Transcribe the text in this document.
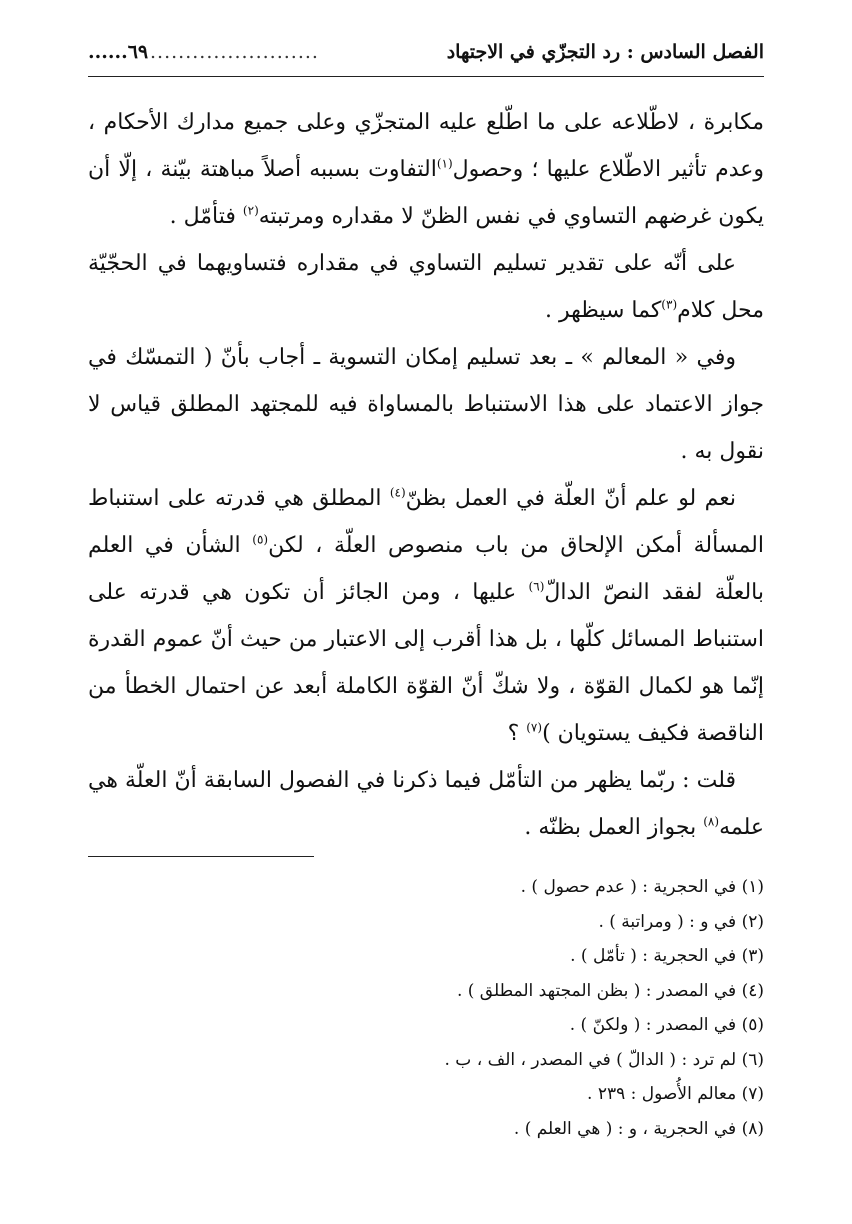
الفصل السادس : رد التجزّي في الاجتهاد
........................
٦٩......

مكابرة ، لاطّلاعه على ما اطّلع عليه المتجزّي وعلى جميع مدارك الأحكام ، وعدم تأثير الاطّلاع عليها ؛ وحصول$^{(١)}$التفاوت بسببه أصلاً مباهتة بيّنة ، إلّا أن يكون غرضهم التساوي في نفس الظنّ لا مقداره ومرتبته$^{(٢)}$ فتأمّل .

على أنّه على تقدير تسليم التساوي في مقداره فتساويهما في الحجّيّة محل كلام$^{(٣)}$كما سيظهر .

وفي « المعالم » ـ بعد تسليم إمكان التسوية ـ أجاب بأنّ ( التمسّك في جواز الاعتماد على هذا الاستنباط بالمساواة فيه للمجتهد المطلق قياس لا نقول به .

نعم لو علم أنّ العلّة في العمل بظنّ$^{(٤)}$ المطلق هي قدرته على استنباط المسألة أمكن الإلحاق من باب منصوص العلّة ، لكن$^{(٥)}$ الشأن في العلم بالعلّة لفقد النصّ الدالّ$^{(٦)}$ عليها ، ومن الجائز أن تكون هي قدرته على استنباط المسائل كلّها ، بل هذا أقرب إلى الاعتبار من حيث أنّ عموم القدرة إنّما هو لكمال القوّة ، ولا شكّ أنّ القوّة الكاملة أبعد عن احتمال الخطأ من الناقصة فكيف يستويان )$^{(٧)}$ ؟

قلت : ربّما يظهر من التأمّل فيما ذكرنا في الفصول السابقة أنّ العلّة هي علمه$^{(٨)}$ بجواز العمل بظنّه .

(١) في الحجرية : ( عدم حصول ) .
(٢) في و : ( ومراتبة ) .
(٣) في الحجرية : ( تأمّل ) .
(٤) في المصدر : ( بظن المجتهد المطلق ) .
(٥) في المصدر : ( ولكنّ ) .
(٦) لم ترد : ( الدالّ ) في المصدر ، الف ، ب .
(٧) معالم الأُصول : ٢٣٩ .
(٨) في الحجرية ، و : ( هي العلم ) .
